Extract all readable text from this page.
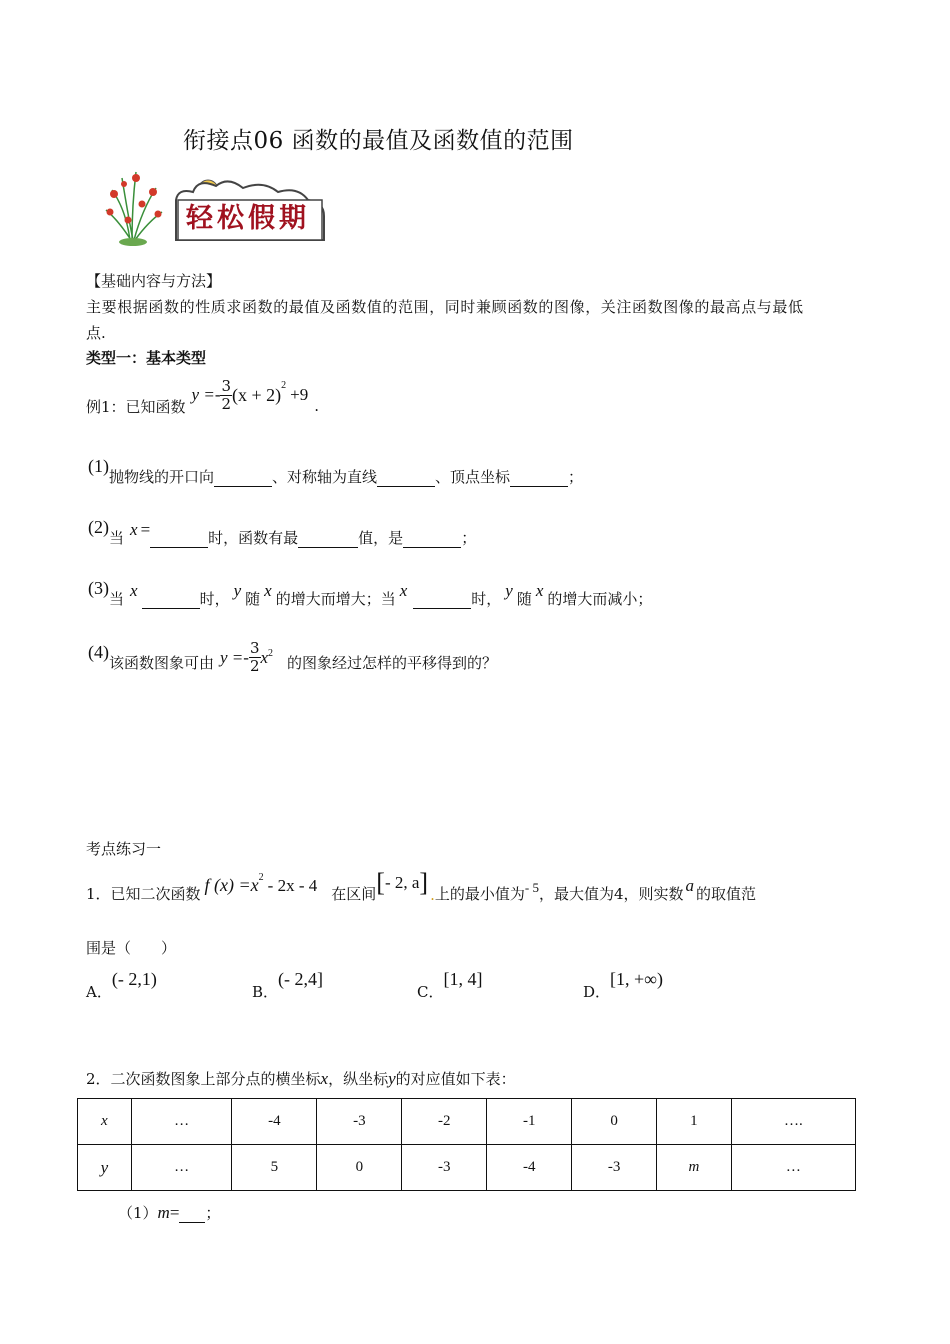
衔接点06 函数的最值及函数值的范围
轻松假期
【基础内容与方法】
主要根据函数的性质求函数的最值及函数值的范围，同时兼顾函数的图像，关注函数图像的最高点与最低
点.
类型一：基本类型
例1：已知函数
$y =- \frac{3}{2} (x + 2)^2 +9$
.
(1)
抛物线的开口向	、对称轴为直线	、顶点坐标	；
(2)
当 x =	时，函数有最	值，是	；
(3)
当 x	时， y 随 x 的增大而增大；当 x	时， y 随 x 的增大而减小；
(4)
该函数图象可由 $y =- \frac{3}{2} x^2$
的图象经过怎样的平移得到的？
考点练习一
1．已知二次函数 f $(x) =x^2 - 2x - 4$ 在区间 [- 2, a] . 上的最小值为 - 5 ，最大值为4，则实数 a 的取值范
围是（　　）
A．
(- 2,1)
B．
(- 2,4]
C．
[1, 4]
D．
[1, +∞)
2．二次函数图象上部分点的横坐标x，纵坐标y的对应值如下表：
x	…	-4	-3	-2	-1	0	1	….
y	…	5	0	-3	-4	-3	m	…
（1） m = ；
